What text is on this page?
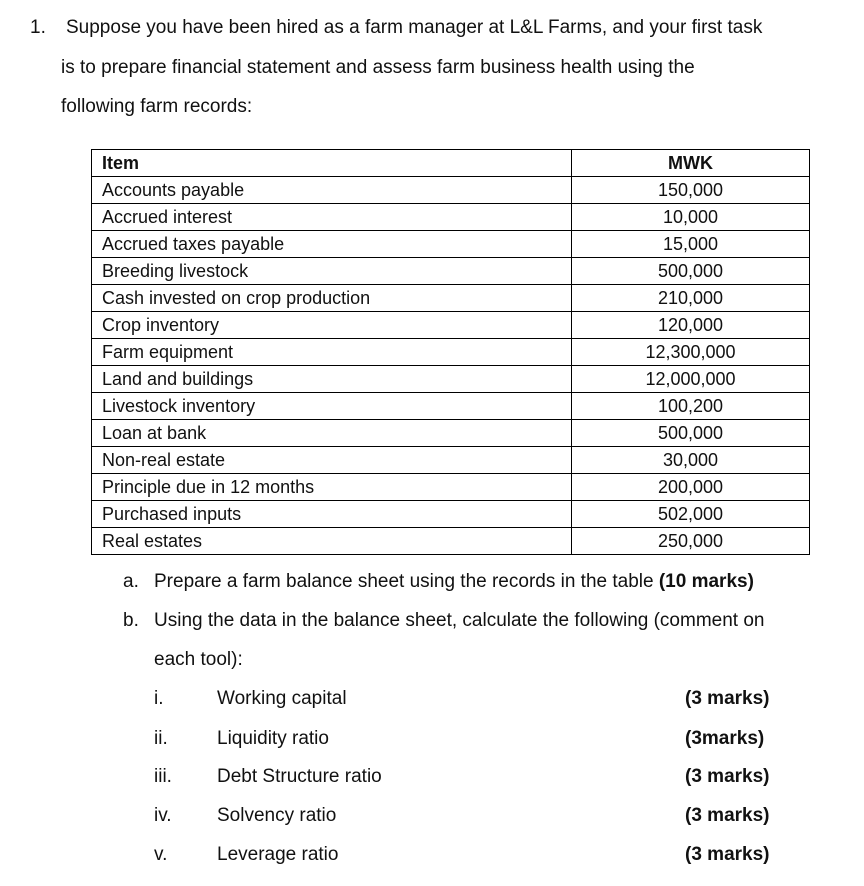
1. Suppose you have been hired as a farm manager at L&L Farms, and your first task
is to prepare financial statement and assess farm business health using the
following farm records:
Item	MWK
Accounts payable	150,000
Accrued interest	10,000
Accrued taxes payable	15,000
Breeding livestock	500,000
Cash invested on crop production	210,000
Crop inventory	120,000
Farm equipment	12,300,000
Land and buildings	12,000,000
Livestock inventory	100,200
Loan at bank	500,000
Non-real estate	30,000
Principle due in 12 months	200,000
Purchased inputs	502,000
Real estates	250,000
a. Prepare a farm balance sheet using the records in the table (10 marks)
b. Using the data in the balance sheet, calculate the following (comment on
each tool):
i.	Working capital	(3 marks)
ii.	Liquidity ratio	(3marks)
iii. Debt Structure ratio	(3 marks)
iv. Solvency ratio	(3 marks)
v.	Leverage ratio	(3 marks)
